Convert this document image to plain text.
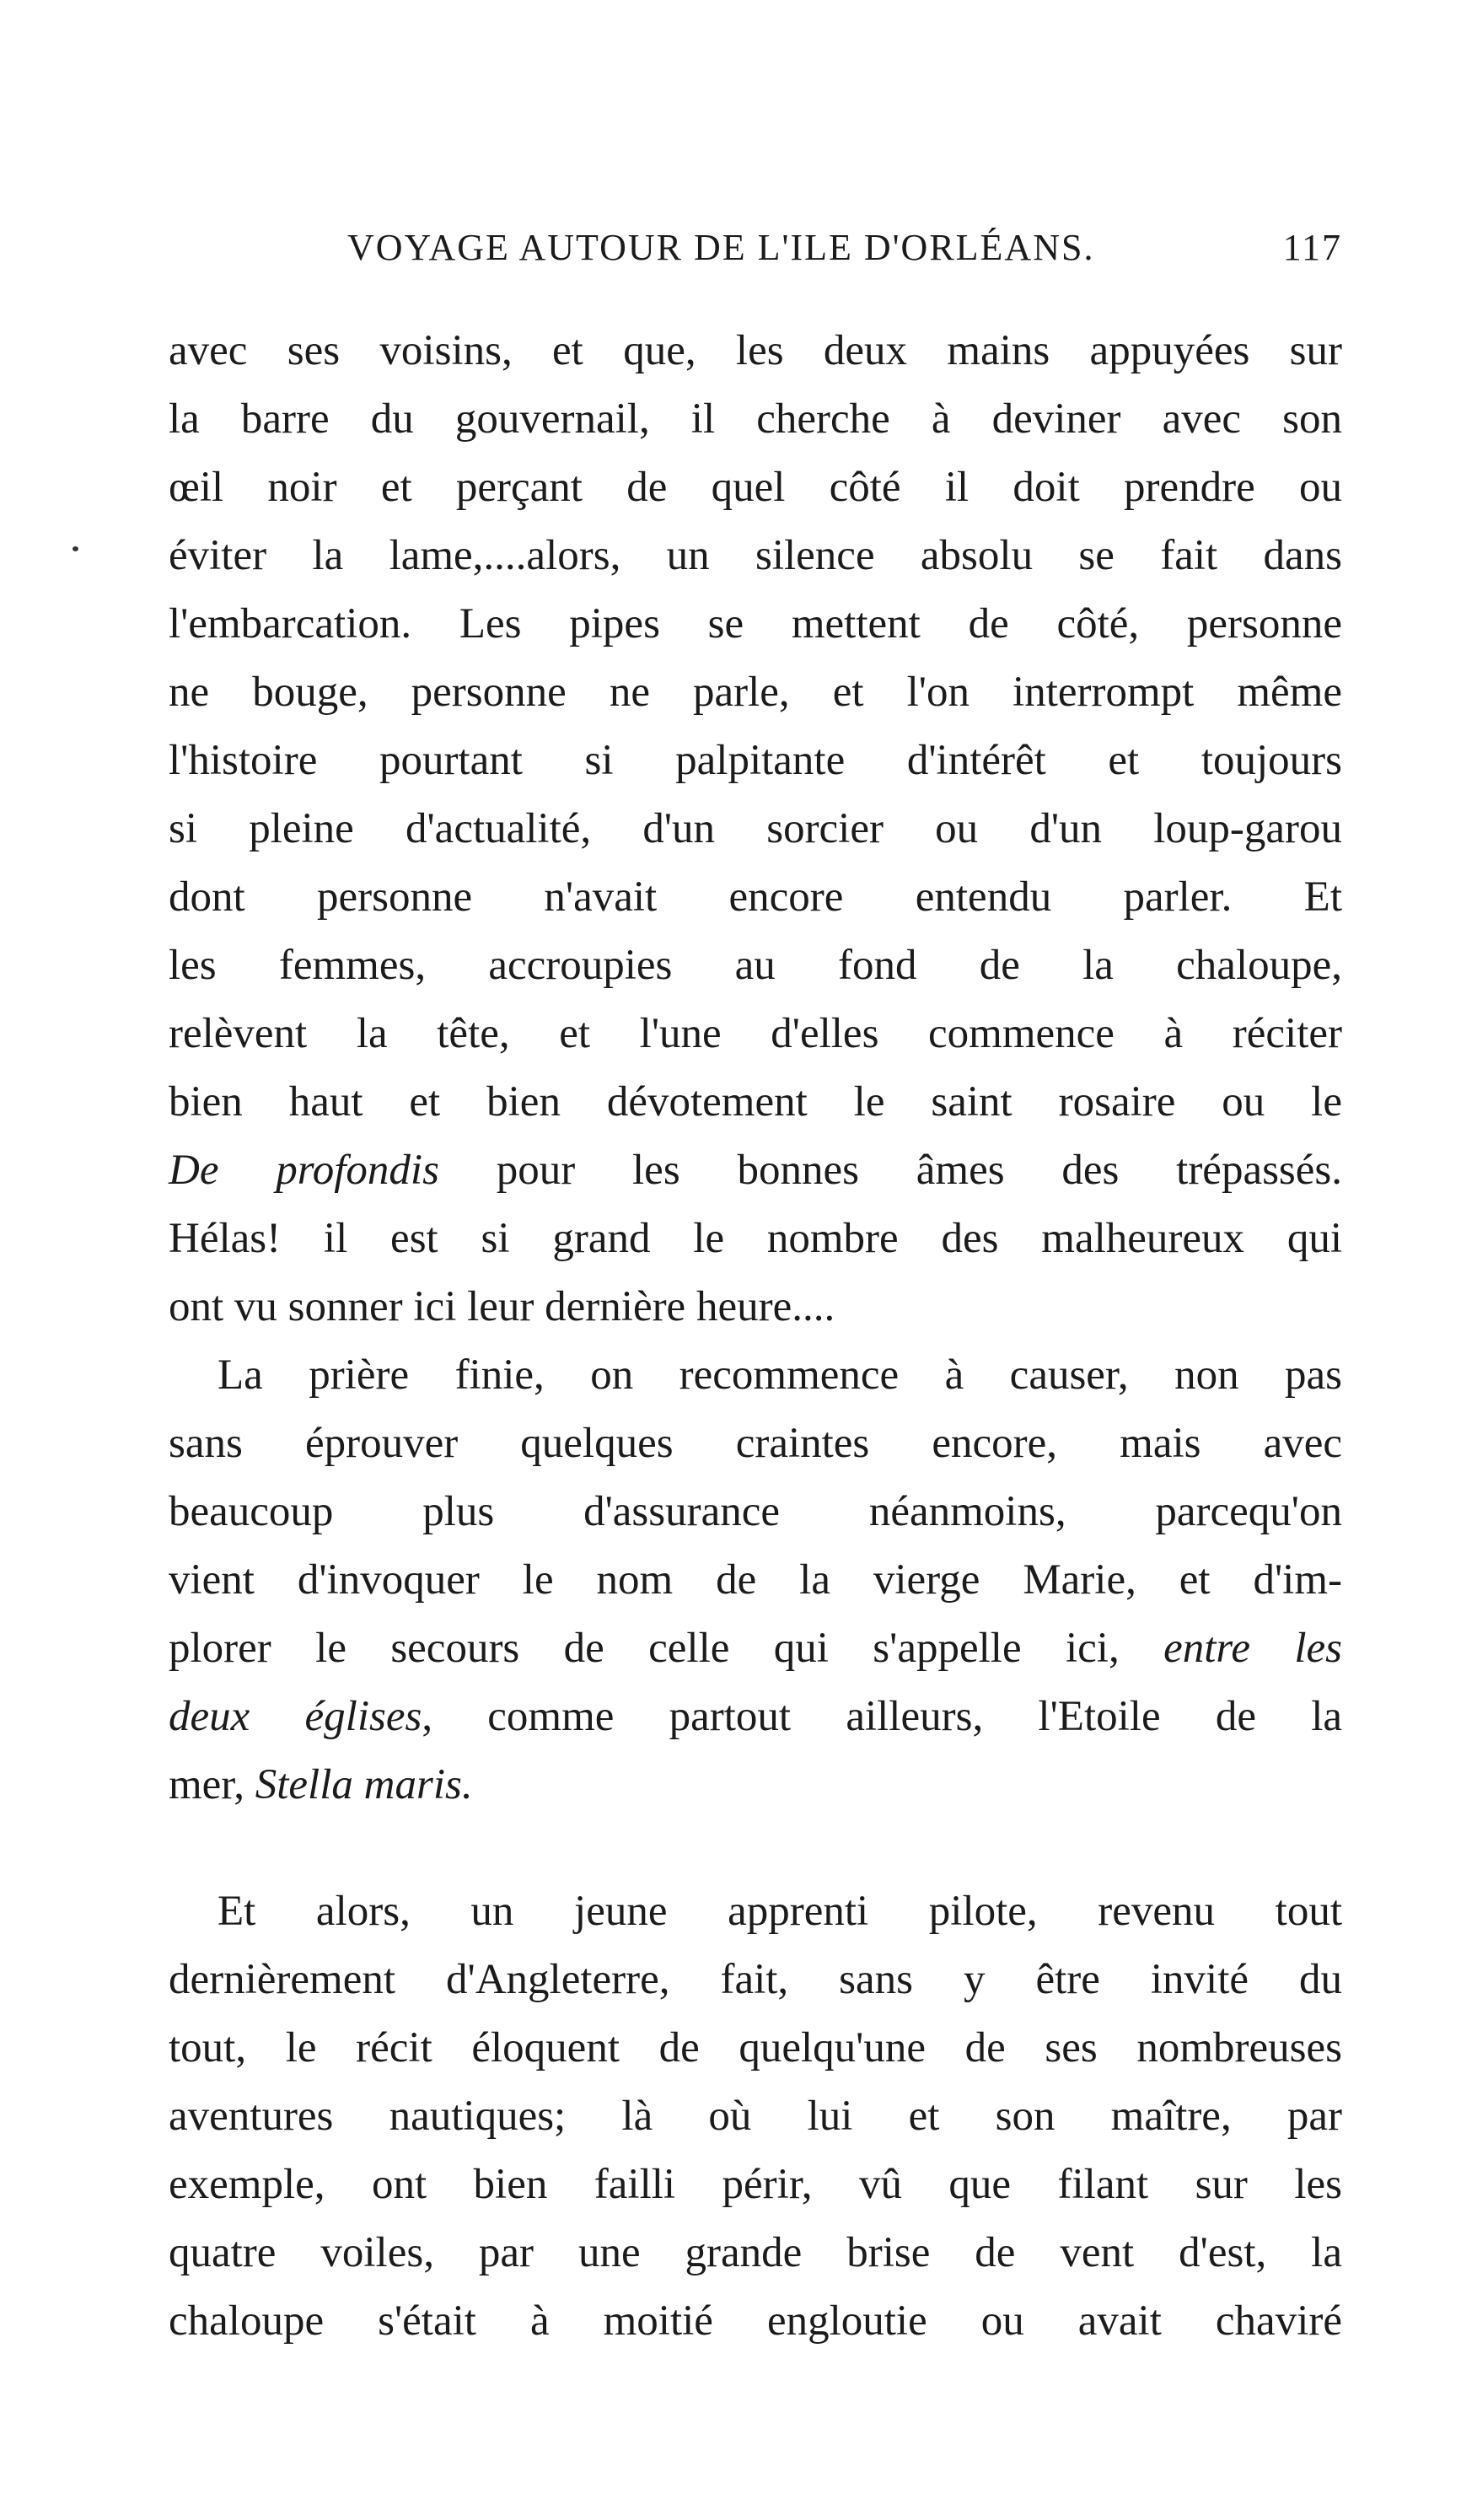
VOYAGE AUTOUR DE L'ILE D'ORLÉANS.	117
avec ses voisins, et que, les deux mains appuyées sur
la barre du gouvernail, il cherche à deviner avec son
œil noir et perçant de quel côté il doit prendre ou
éviter la lame,....alors, un silence absolu se fait dans
l'embarcation. Les pipes se mettent de côté, personne
ne bouge, personne ne parle, et l'on interrompt même
l'histoire pourtant si palpitante d'intérêt et toujours
si pleine d'actualité, d'un sorcier ou d'un loup-garou
dont personne n'avait encore entendu parler. Et
les femmes, accroupies au fond de la chaloupe,
relèvent la tête, et l'une d'elles commence à réciter
bien haut et bien dévotement le saint rosaire ou le
De profondis pour les bonnes âmes des trépassés.
Hélas! il est si grand le nombre des malheureux qui
ont vu sonner ici leur dernière heure....
La prière finie, on recommence à causer, non pas
sans éprouver quelques craintes encore, mais avec
beaucoup plus d'assurance néanmoins, parcequ'on
vient d'invoquer le nom de la vierge Marie, et d'im-
plorer le secours de celle qui s'appelle ici, entre les
deux églises, comme partout ailleurs, l'Etoile de la
mer, Stella maris.
Et alors, un jeune apprenti pilote, revenu tout
dernièrement d'Angleterre, fait, sans y être invité du
tout, le récit éloquent de quelqu'une de ses nombreuses
aventures nautiques; là où lui et son maître, par
exemple, ont bien failli périr, vû que filant sur les
quatre voiles, par une grande brise de vent d'est, la
chaloupe s'était à moitié engloutie ou avait chaviré
